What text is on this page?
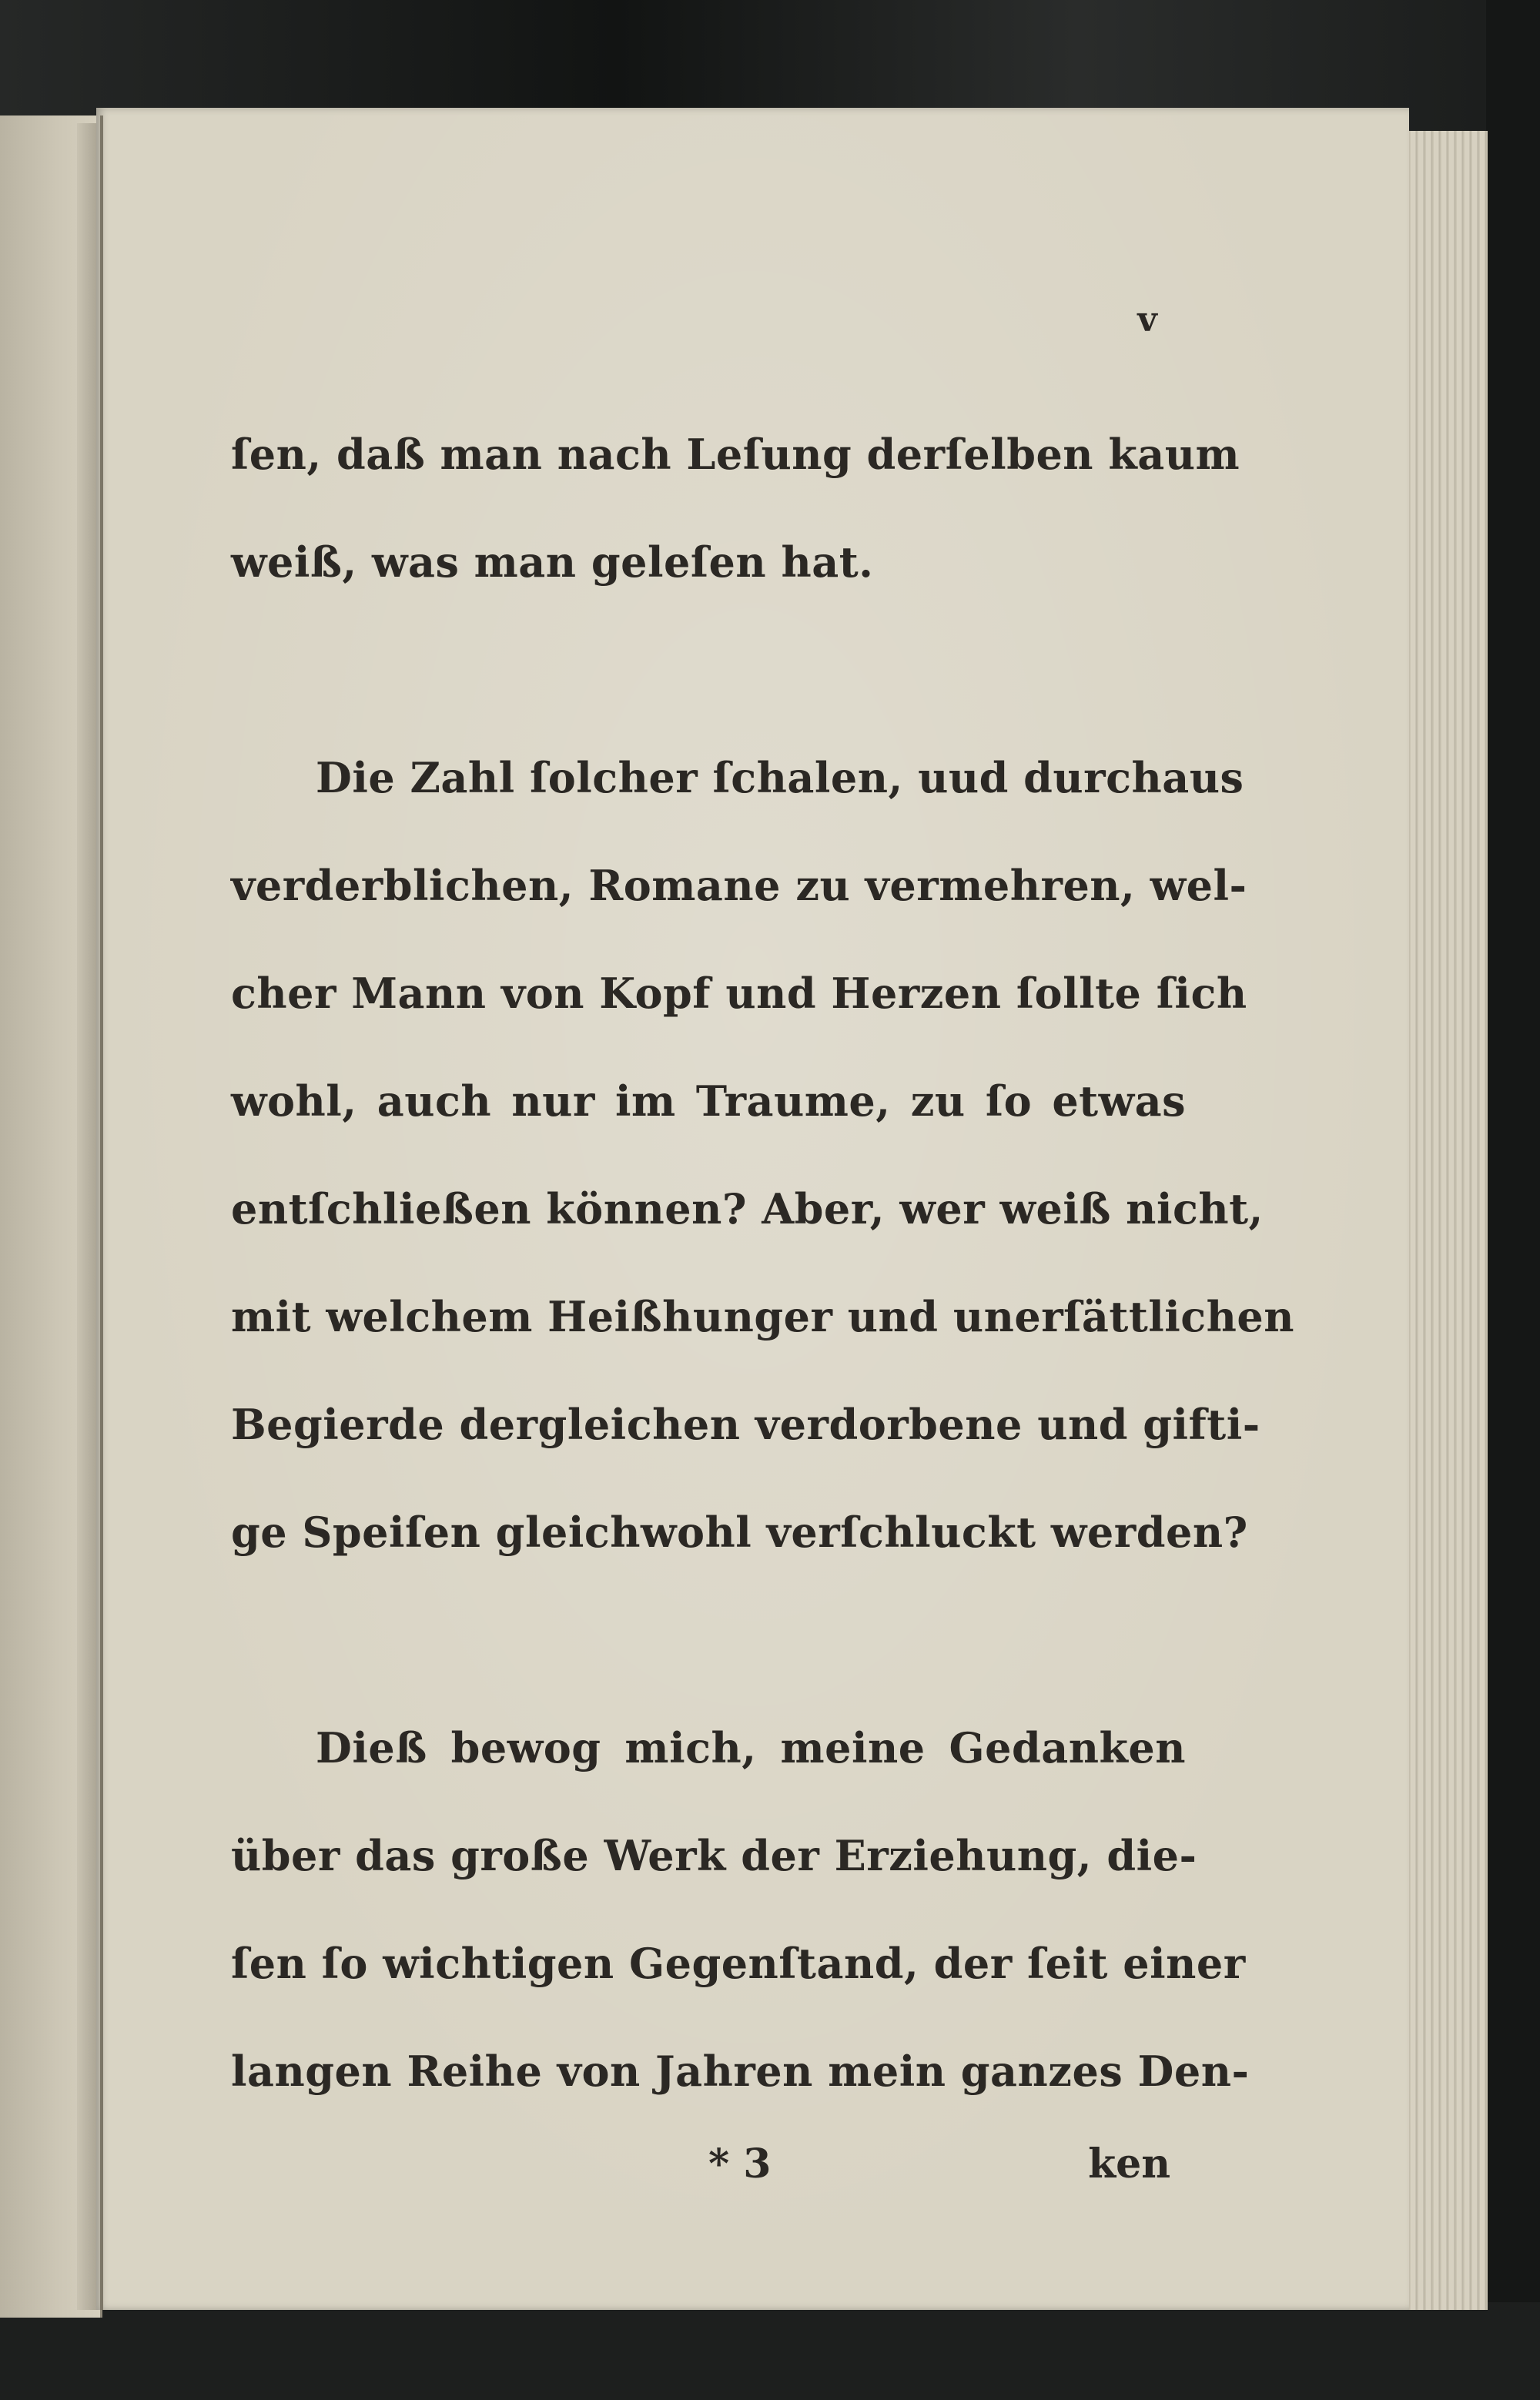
v
ſen, daß man nach Leſung derſelben kaum
weiß, was man geleſen hat.
Die Zahl ſolcher ſchalen, uud durchaus
verderblichen, Romane zu vermehren, wel-
cher Mann von Kopf und Herzen ſollte ſich
wohl, auch nur im Traume, zu ſo etwas
entſchließen können? Aber, wer weiß nicht,
mit welchem Heißhunger und unerſättlichen
Begierde dergleichen verdorbene und gifti-
ge Speiſen gleichwohl verſchluckt werden?
Dieß bewog mich, meine Gedanken
über das große Werk der Erziehung, die-
ſen ſo wichtigen Gegenſtand, der ſeit einer
langen Reihe von Jahren mein ganzes Den-
* 3	ken
